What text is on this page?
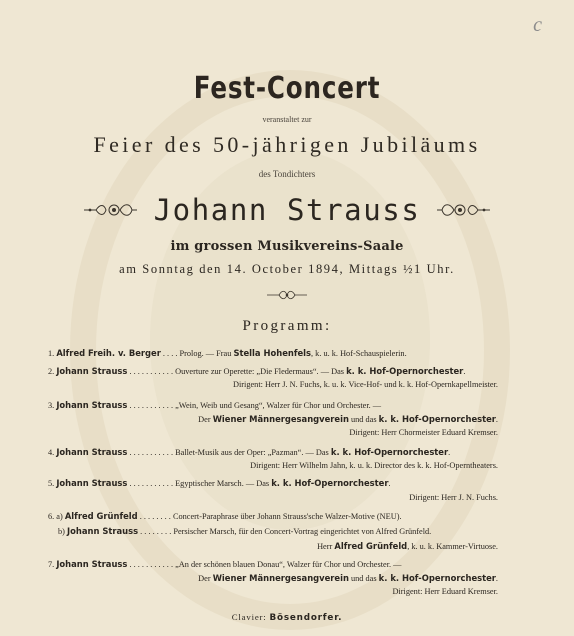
c
Fest-Concert
veranstaltet zur
Feier des 50-jährigen Jubiläums
des Tondichters
Johann Strauss
im grossen Musikvereins-Saale
am Sonntag den 14. October 1894, Mittags ½1 Uhr.
Programm:
1. Alfred Freih. v. Berger . . . . Prolog. — Frau Stella Hohenfels, k. u. k. Hof-Schauspielerin.
2. Johann Strauss . . . . . . . . . . . Ouverture zur Operette: „Die Fledermaus“. — Das k. k. Hof-Opernorchester.
Dirigent: Herr J. N. Fuchs, k. u. k. Vice-Hof- und k. k. Hof-Opernkapellmeister.
3. Johann Strauss . . . . . . . . . . . „Wein, Weib und Gesang“, Walzer für Chor und Orchester. —
Der Wiener Männergesangverein und das k. k. Hof-Opernorchester.
Dirigent: Herr Chormeister Eduard Kremser.
4. Johann Strauss . . . . . . . . . . . Ballet-Musik aus der Oper: „Pazman“. — Das k. k. Hof-Opernorchester.
Dirigent: Herr Wilhelm Jahn, k. u. k. Director des k. k. Hof-Operntheaters.
5. Johann Strauss . . . . . . . . . . . Egyptischer Marsch. — Das k. k. Hof-Opernorchester.
Dirigent: Herr J. N. Fuchs.
6. a) Alfred Grünfeld . . . . . . . . Concert-Paraphrase über Johann Strauss'sche Walzer-Motive (NEU).
b) Johann Strauss . . . . . . . . Persischer Marsch, für den Concert-Vortrag eingerichtet von Alfred Grünfeld.
Herr Alfred Grünfeld, k. u. k. Kammer-Virtuose.
7. Johann Strauss . . . . . . . . . . . „An der schönen blauen Donau“, Walzer für Chor und Orchester. —
Der Wiener Männergesangverein und das k. k. Hof-Opernorchester.
Dirigent: Herr Eduard Kremser.
Clavier: Bösendorfer.
